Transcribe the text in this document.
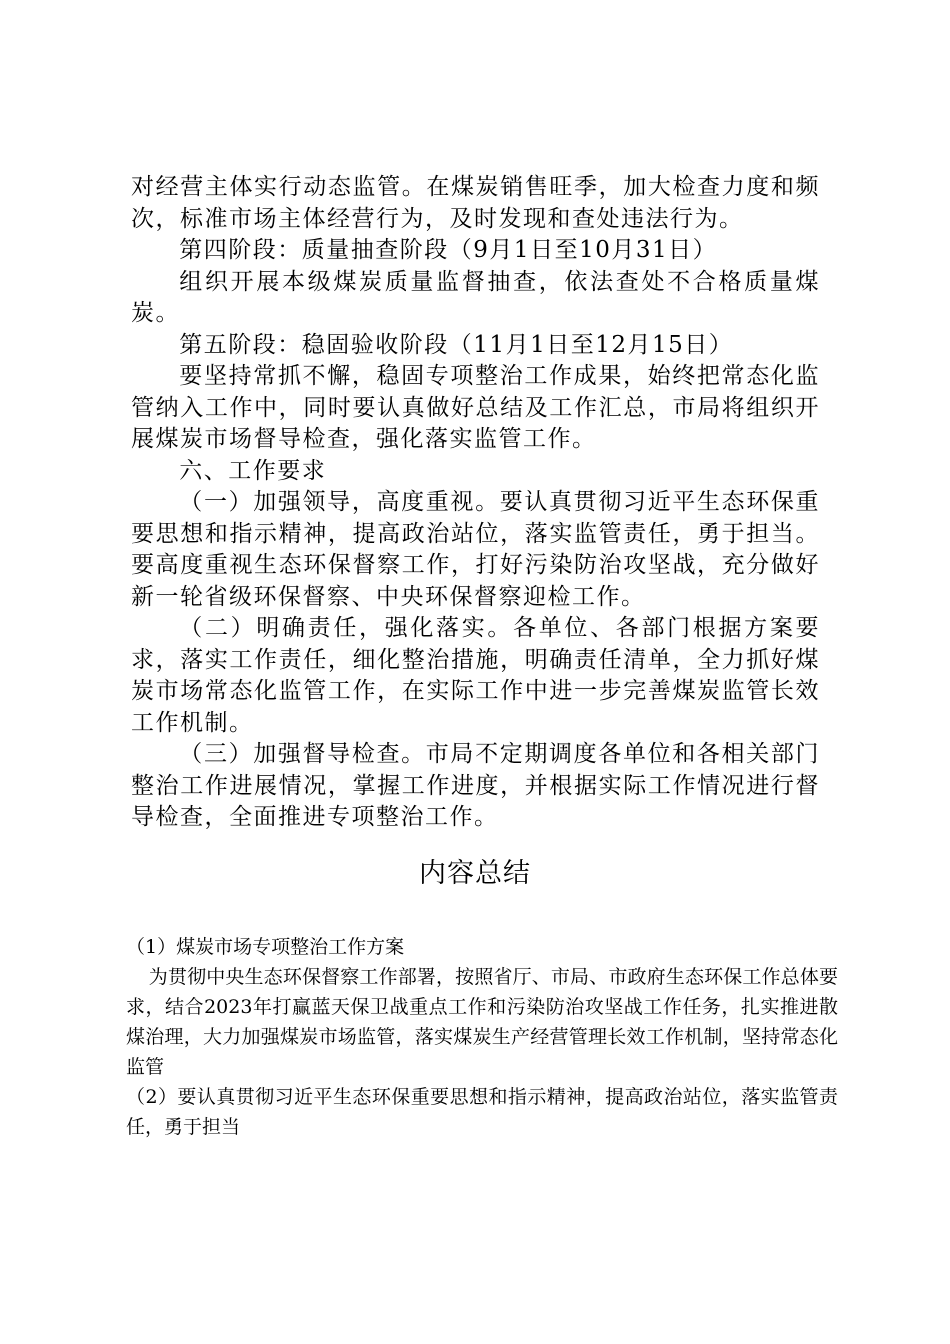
对经营主体实行动态监管。在煤炭销售旺季，加大检查力度和频次，标准市场主体经营行为，及时发现和查处违法行为。

第四阶段：质量抽查阶段（9月1日至10月31日）

组织开展本级煤炭质量监督抽查，依法查处不合格质量煤炭。

第五阶段：稳固验收阶段（11月1日至12月15日）

要坚持常抓不懈，稳固专项整治工作成果，始终把常态化监管纳入工作中，同时要认真做好总结及工作汇总，市局将组织开展煤炭市场督导检查，强化落实监管工作。

六、工作要求

（一）加强领导，高度重视。要认真贯彻习近平生态环保重要思想和指示精神，提高政治站位，落实监管责任，勇于担当。要高度重视生态环保督察工作，打好污染防治攻坚战，充分做好新一轮省级环保督察、中央环保督察迎检工作。

（二）明确责任，强化落实。各单位、各部门根据方案要求，落实工作责任，细化整治措施，明确责任清单，全力抓好煤炭市场常态化监管工作，在实际工作中进一步完善煤炭监管长效工作机制。

（三）加强督导检查。市局不定期调度各单位和各相关部门整治工作进展情况，掌握工作进度，并根据实际工作情况进行督导检查，全面推进专项整治工作。

内容总结

（1）煤炭市场专项整治工作方案

为贯彻中央生态环保督察工作部署，按照省厅、市局、市政府生态环保工作总体要求，结合2023年打赢蓝天保卫战重点工作和污染防治攻坚战工作任务，扎实推进散煤治理，大力加强煤炭市场监管，落实煤炭生产经营管理长效工作机制，坚持常态化监管

（2）要认真贯彻习近平生态环保重要思想和指示精神，提高政治站位，落实监管责任，勇于担当
